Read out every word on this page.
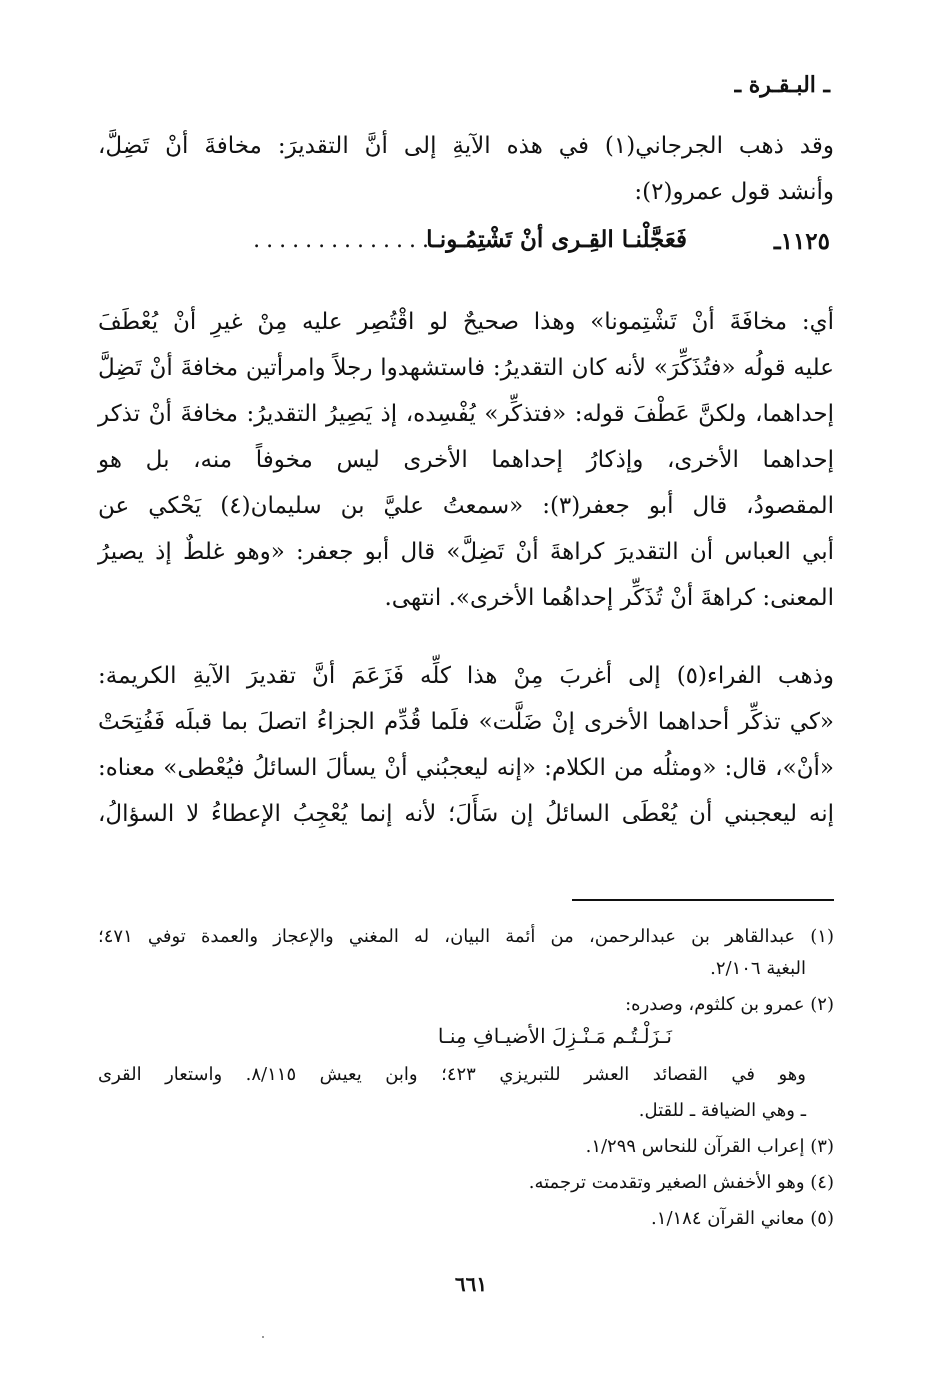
ـ البـقـرة ـ
وقد ذهب الجرجاني(١) في هذه الآيةِ إلى أنَّ التقديرَ: مخافةَ أنْ تَضِلَّ،
وأنشد قول عمرو(٢):
١١٢٥ـ
..................
فَعَجَّلْنـا القِـرى أنْ تَشْتِمُـونـا
أي: مخافَةَ أنْ تَشْتِمونا» وهذا صحيحٌ لو اقْتُصِر عليه مِنْ غيرِ أنْ يُعْطَفَ
عليه قولُه «فتُذَكِّرَ» لأنه كان التقديرُ: فاستشهدوا رجلاً وامرأتين مخافةَ أنْ تَضِلَّ
إحداهما، ولكنَّ عَطْفَ قوله: «فتذكِّر» يُفْسِده، إذ يَصِيرُ التقديرُ: مخافةَ أنْ تذكر
إحداهما الأخرى، وإذكارُ إحداهما الأخرى ليس مخوفاً منه، بل هو
المقصودُ، قال أبو جعفر(٣): «سمعتُ عليَّ بن سليمان(٤) يَحْكي عن
أبي العباس أن التقديرَ كراهةَ أنْ تَضِلَّ» قال أبو جعفر: «وهو غلطٌ إذ يصيرُ
المعنى: كراهةَ أنْ تُذَكِّر إحداهُما الأخرى». انتهى.
وذهب الفراء(٥) إلى أغربَ مِنْ هذا كلِّه فَزَعَمَ أنَّ تقديرَ الآيةِ الكريمة:
«كي تذكِّر أحداهما الأخرى إنْ ضَلَّت» فلَما قُدِّم الجزاءُ اتصلَ بما قبلَه فَفُتِحَتْ
«أنْ»، قال: «ومثلُه من الكلام: «إنه ليعجبُني أنْ يسألَ السائلُ فيُعْطى» معناه:
إنه ليعجبني أن يُعْطَى السائلُ إن سَأَلَ؛ لأنه إنما يُعْجِبُ الإعطاءُ لا السؤالُ،
(١) عبدالقاهر بن عبدالرحمن، من أئمة البيان، له المغني والإعجاز والعمدة توفي ٤٧١؛
البغية ٢/١٠٦.
(٢) عمرو بن كلثوم، وصدره:
نَـزَلْـتُـم مَـنْـزِلَ الأضيـافِ مِنـا
وهو في القصائد العشر للتبريزي ٤٢٣؛ وابن يعيش ٨/١١٥. واستعار القرى
ـ وهي الضيافة ـ للقتل.
(٣) إعراب القرآن للنحاس ١/٢٩٩.
(٤) وهو الأخفش الصغير وتقدمت ترجمته.
(٥) معاني القرآن ١/١٨٤.
٦٦١
